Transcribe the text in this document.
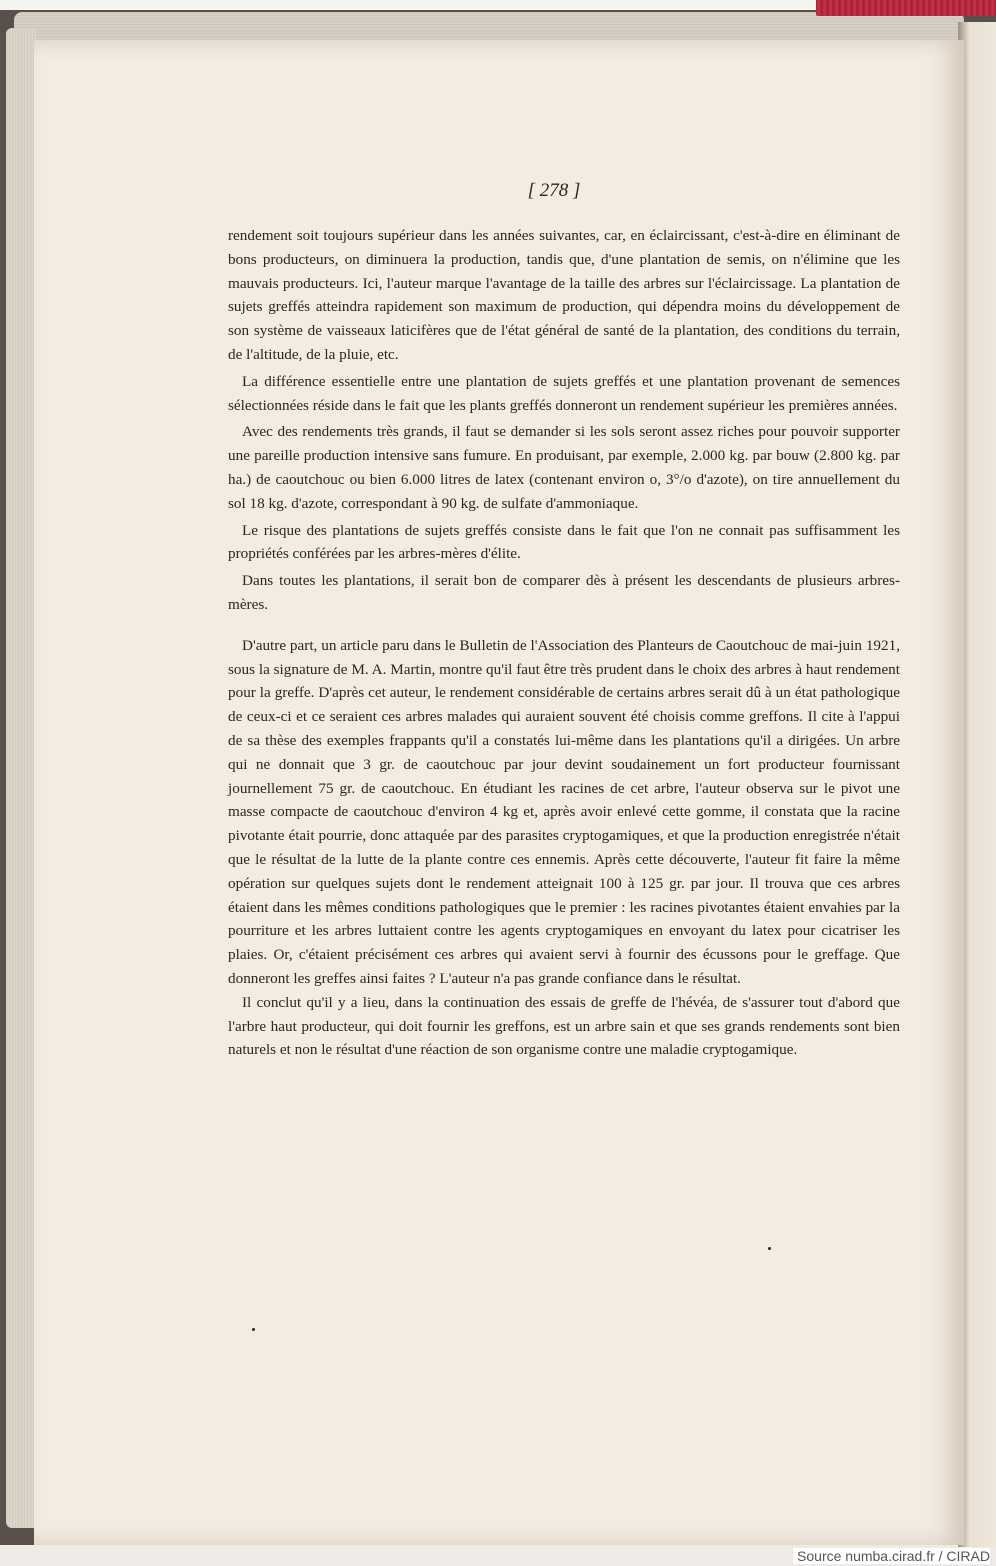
[ 278 ]

rendement soit toujours supérieur dans les années suivantes, car, en éclaircissant, c'est-à-dire en éliminant de bons producteurs, on diminuera la production, tandis que, d'une plantation de semis, on n'élimine que les mauvais producteurs. Ici, l'auteur marque l'avantage de la taille des arbres sur l'éclaircissage. La plantation de sujets greffés atteindra rapidement son maximum de production, qui dépendra moins du développement de son système de vaisseaux laticifères que de l'état général de santé de la plantation, des conditions du terrain, de l'altitude, de la pluie, etc.

La différence essentielle entre une plantation de sujets greffés et une plantation provenant de semences sélectionnées réside dans le fait que les plants greffés donneront un rendement supérieur les premières années.

Avec des rendements très grands, il faut se demander si les sols seront assez riches pour pouvoir supporter une pareille production intensive sans fumure. En produisant, par exemple, 2.000 kg. par bouw (2.800 kg. par ha.) de caoutchouc ou bien 6.000 litres de latex (contenant environ o, 3°/o d'azote), on tire annuellement du sol 18 kg. d'azote, correspondant à 90 kg. de sulfate d'ammoniaque.

Le risque des plantations de sujets greffés consiste dans le fait que l'on ne connait pas suffisamment les propriétés conférées par les arbres-mères d'élite.

Dans toutes les plantations, il serait bon de comparer dès à présent les descendants de plusieurs arbres-mères.

D'autre part, un article paru dans le Bulletin de l'Association des Planteurs de Caoutchouc de mai-juin 1921, sous la signature de M. A. Martin, montre qu'il faut être très prudent dans le choix des arbres à haut rendement pour la greffe. D'après cet auteur, le rendement considérable de certains arbres serait dû à un état pathologique de ceux-ci et ce seraient ces arbres malades qui auraient souvent été choisis comme greffons. Il cite à l'appui de sa thèse des exemples frappants qu'il a constatés lui-même dans les plantations qu'il a dirigées. Un arbre qui ne donnait que 3 gr. de caoutchouc par jour devint soudainement un fort producteur fournissant journellement 75 gr. de caoutchouc. En étudiant les racines de cet arbre, l'auteur observa sur le pivot une masse compacte de caoutchouc d'environ 4 kg et, après avoir enlevé cette gomme, il constata que la racine pivotante était pourrie, donc attaquée par des parasites cryptogamiques, et que la production enregistrée n'était que le résultat de la lutte de la plante contre ces ennemis. Après cette découverte, l'auteur fit faire la même opération sur quelques sujets dont le rendement atteignait 100 à 125 gr. par jour. Il trouva que ces arbres étaient dans les mêmes conditions pathologiques que le premier : les racines pivotantes étaient envahies par la pourriture et les arbres luttaient contre les agents cryptogamiques en envoyant du latex pour cicatriser les plaies. Or, c'étaient précisément ces arbres qui avaient servi à fournir des écussons pour le greffage. Que donneront les greffes ainsi faites ? L'auteur n'a pas grande confiance dans le résultat.

Il conclut qu'il y a lieu, dans la continuation des essais de greffe de l'hévéa, de s'assurer tout d'abord que l'arbre haut producteur, qui doit fournir les greffons, est un arbre sain et que ses grands rendements sont bien naturels et non le résultat d'une réaction de son organisme contre une maladie cryptogamique.

Source numba.cirad.fr / CIRAD
